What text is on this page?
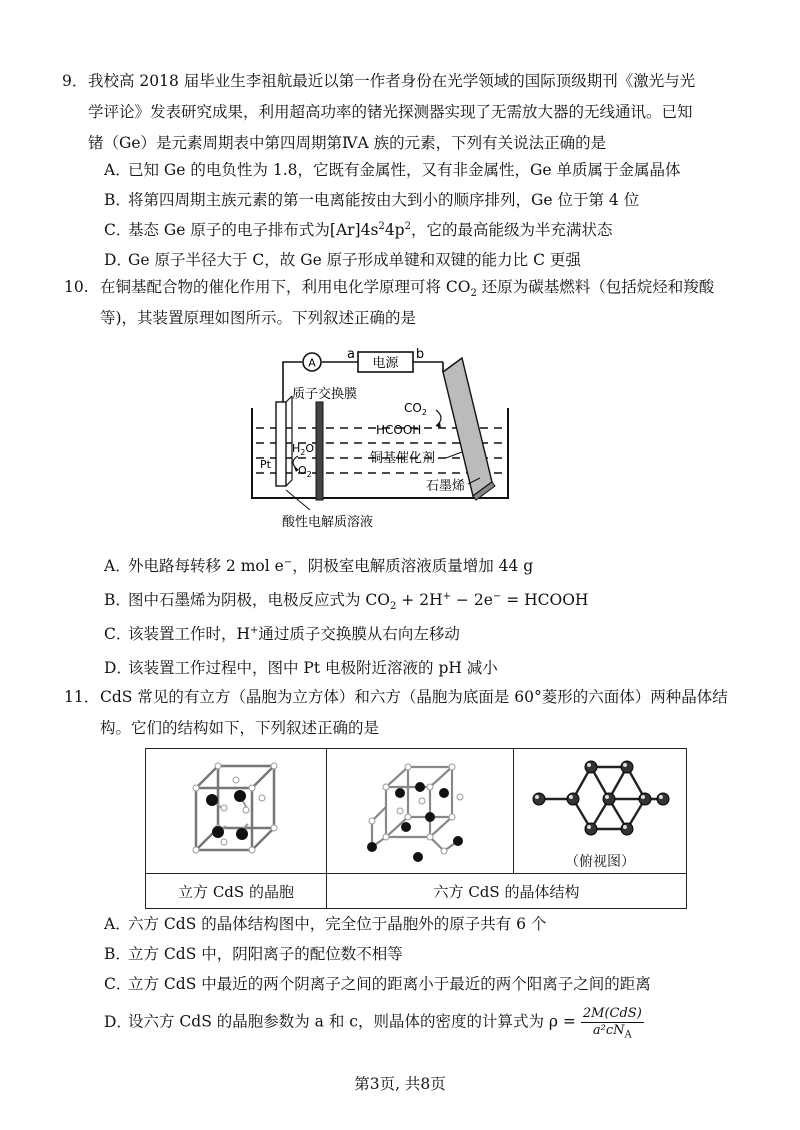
9．我校高 2018 届毕业生李祖航最近以第一作者身份在光学领域的国际顶级期刊《激光与光
学评论》发表研究成果，利用超高功率的锗光探测器实现了无需放大器的无线通讯。已知
锗（Ge）是元素周期表中第四周期第ⅣA 族的元素，下列有关说法正确的是
A．已知 Ge 的电负性为 1.8，它既有金属性，又有非金属性，Ge 单质属于金属晶体
B．将第四周期主族元素的第一电离能按由大到小的顺序排列，Ge 位于第 4 位
C．基态 Ge 原子的电子排布式为$[Ar]4s^24p^2$，它的最高能级为半充满状态
D．Ge 原子半径大于 C，故 Ge 原子形成单键和双键的能力比 C 更强
10. 在铜基配合物的催化作用下，利用电化学原理可将 $CO_2$ 还原为碳基燃料（包括烷烃和羧酸
等)，其装置原理如图所示。下列叙述正确的是
A	电源
a	b
Pt
质子交换膜
$H_2O$
$O_2$
$CO_2$
HCOOH
铜基催化剂
石墨烯
酸性电解质溶液
A．外电路每转移 2 mol e−，阴极室电解质溶液质量增加 44 g
B．图中石墨烯为阴极，电极反应式为 $CO_2 + 2H^+ - 2e^-$ = HCOOH
C．该装置工作时，H+通过质子交换膜从右向左移动
D．该装置工作过程中，图中 Pt 电极附近溶液的 pH 减小
11．CdS 常见的有立方（晶胞为立方体）和六方（晶胞为底面是 60°菱形的六面体）两种晶体结
构。它们的结构如下，下列叙述正确的是

（俯视图）

立方 CdS 的晶胞	六方 CdS 的晶体结构	
A．六方 CdS 的晶体结构图中，完全位于晶胞外的原子共有 6 个
B．立方 CdS 中，阴阳离子的配位数不相等
C．立方 CdS 中最近的两个阴离子之间的距离小于最近的两个阳离子之间的距离
D．设六方 CdS 的晶胞参数为 a 和 c，则晶体的密度的计算式为 $\rho = \frac{\text{2M(CdS)}}{a^2cN_A}$
第3页, 共8页
